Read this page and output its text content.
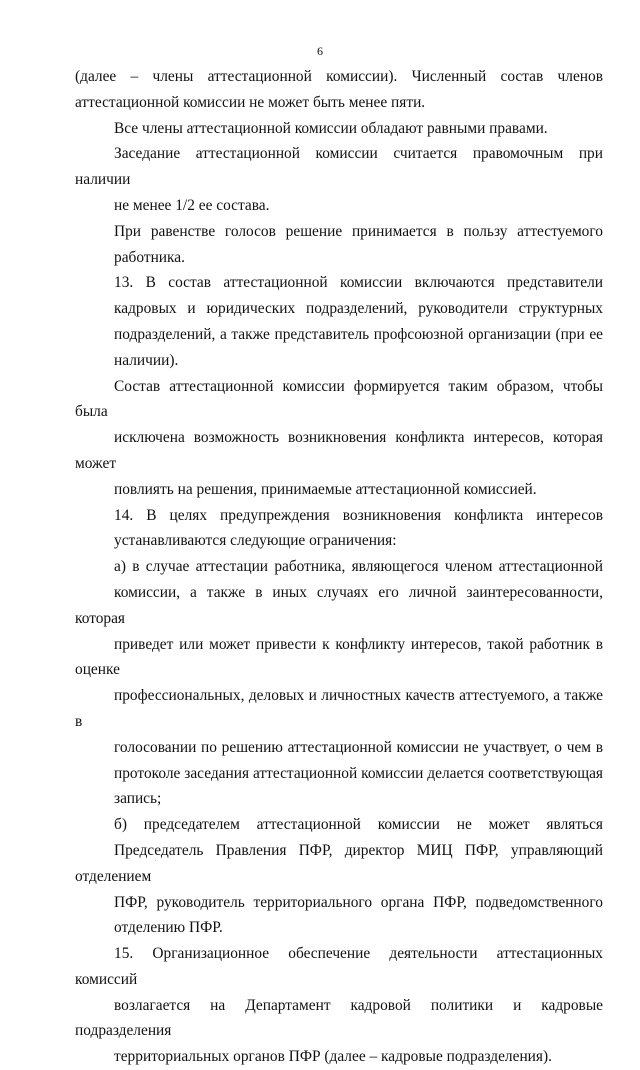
6
(далее – члены аттестационной комиссии). Численный состав членов
аттестационной комиссии не может быть менее пяти.
Все члены аттестационной комиссии обладают равными правами.
Заседание аттестационной комиссии считается правомочным при наличии
не менее 1/2 ее состава.
При равенстве голосов решение принимается в пользу аттестуемого
работника.
13. В состав аттестационной комиссии включаются представители
кадровых и юридических подразделений, руководители структурных
подразделений, а также представитель профсоюзной организации (при ее
наличии).
Состав аттестационной комиссии формируется таким образом, чтобы была
исключена возможность возникновения конфликта интересов, которая может
повлиять на решения, принимаемые аттестационной комиссией.
14. В целях предупреждения возникновения конфликта интересов
устанавливаются следующие ограничения:
а) в случае аттестации работника, являющегося членом аттестационной
комиссии, а также в иных случаях его личной заинтересованности, которая
приведет или может привести к конфликту интересов, такой работник в оценке
профессиональных, деловых и личностных качеств аттестуемого, а также в
голосовании по решению аттестационной комиссии не участвует, о чем в
протоколе заседания аттестационной комиссии делается соответствующая
запись;
б) председателем аттестационной комиссии не может являться
Председатель Правления ПФР, директор МИЦ ПФР, управляющий отделением
ПФР, руководитель территориального органа ПФР, подведомственного
отделению ПФР.
15. Организационное обеспечение деятельности аттестационных комиссий
возлагается на Департамент кадровой политики и кадровые подразделения
территориальных органов ПФР (далее – кадровые подразделения).
